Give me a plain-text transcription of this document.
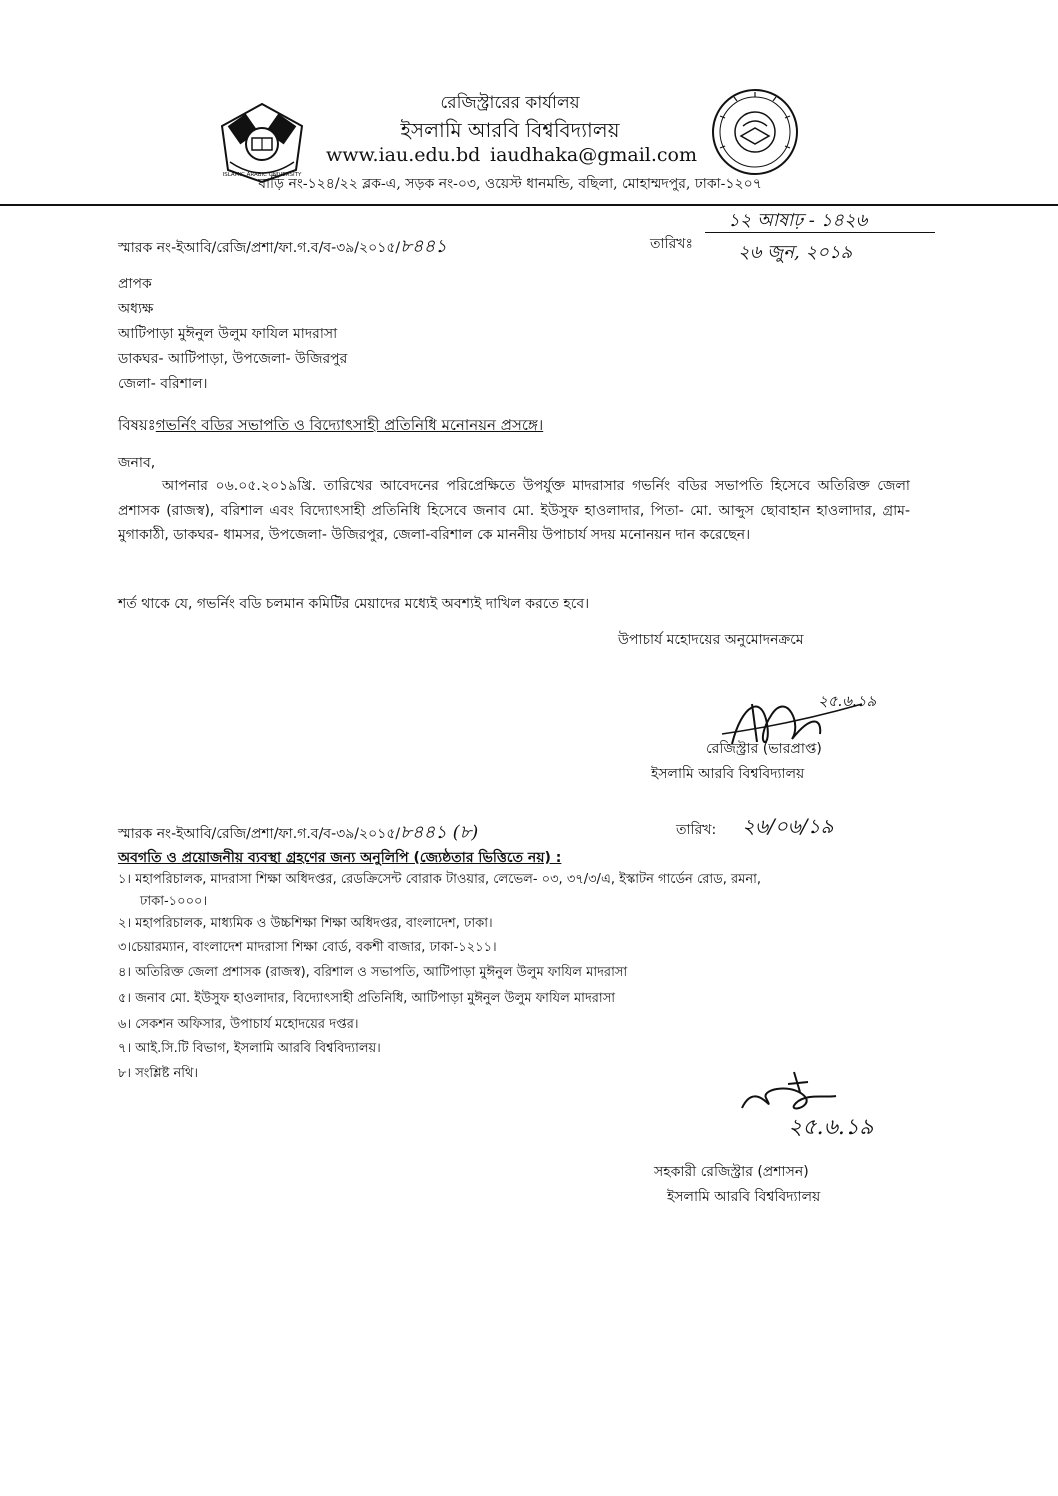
ISLAMIC ARABIC UNIVERSITY
রেজিস্ট্রারের কার্যালয়
ইসলামি আরবি বিশ্ববিদ্যালয়
www.iau.edu.bd iaudhaka@gmail.com
বাড়ি নং-১২৪/২২ ব্লক-এ, সড়ক নং-০৩, ওয়েস্ট ধানমন্ডি, বছিলা, মোহাম্মদপুর, ঢাকা-১২০৭
স্মারক নং-ইআবি/রেজি/প্রশা/ফা.গ.ব/ব-৩৯/২০১৫/৮৪৪১	তারিখঃ
১২ আষাঢ় - ১৪২৬
২৬ জুন, ২০১৯
প্রাপক
অধ্যক্ষ
আটিপাড়া মুঈনুল উলুম ফাযিল মাদরাসা
ডাকঘর- আটিপাড়া, উপজেলা- উজিরপুর
জেলা- বরিশাল।
বিষয়ঃগভর্নিং বডির সভাপতি ও বিদ্যোৎসাহী প্রতিনিধি মনোনয়ন প্রসঙ্গে।
জনাব,
আপনার ০৬.০৫.২০১৯খ্রি. তারিখের আবেদনের পরিপ্রেক্ষিতে উপর্যুক্ত মাদরাসার গভর্নিং বডির সভাপতি হিসেবে অতিরিক্ত জেলা প্রশাসক (রাজস্ব), বরিশাল এবং বিদ্যোৎসাহী প্রতিনিধি হিসেবে জনাব মো. ইউসুফ হাওলাদার, পিতা- মো. আব্দুস ছোবাহান হাওলাদার, গ্রাম- মুগাকাঠী, ডাকঘর- ধামসর, উপজেলা- উজিরপুর, জেলা-বরিশাল কে মাননীয় উপাচার্য সদয় মনোনয়ন দান করেছেন।
শর্ত থাকে যে, গভর্নিং বডি চলমান কমিটির মেয়াদের মধ্যেই অবশ্যই দাখিল করতে হবে।
উপাচার্য মহোদয়ের অনুমোদনক্রমে
২৫.৬.১৯
রেজিস্ট্রার (ভারপ্রাপ্ত)
ইসলামি আরবি বিশ্ববিদ্যালয়
স্মারক নং-ইআবি/রেজি/প্রশা/ফা.গ.ব/ব-৩৯/২০১৫/৮৪৪১ (৮)	তারিখ: ২৬/০৬/১৯
অবগতি ও প্রয়োজনীয় ব্যবস্থা গ্রহণের জন্য অনুলিপি (জ্যেষ্ঠতার ভিত্তিতে নয়) :
১। মহাপরিচালক, মাদরাসা শিক্ষা অধিদপ্তর, রেডক্রিসেন্ট বোরাক টাওয়ার, লেভেল- ০৩, ৩৭/৩/এ, ইস্কাটন গার্ডেন রোড, রমনা,
ঢাকা-১০০০।
২। মহাপরিচালক, মাধ্যমিক ও উচ্চশিক্ষা শিক্ষা অধিদপ্তর, বাংলাদেশ, ঢাকা।
৩।চেয়ারম্যান, বাংলাদেশ মাদরাসা শিক্ষা বোর্ড, বকশী বাজার, ঢাকা-১২১১।
৪। অতিরিক্ত জেলা প্রশাসক (রাজস্ব), বরিশাল ও সভাপতি, আটিপাড়া মুঈনুল উলুম ফাযিল মাদরাসা
৫। জনাব মো. ইউসুফ হাওলাদার, বিদ্যোৎসাহী প্রতিনিধি, আটিপাড়া মুঈনুল উলুম ফাযিল মাদরাসা
৬। সেকশন অফিসার, উপাচার্য মহোদয়ের দপ্তর।
৭। আই.সি.টি বিভাগ, ইসলামি আরবি বিশ্ববিদ্যালয়।
৮। সংশ্লিষ্ট নথি।
২৫.৬.১৯
সহকারী রেজিস্ট্রার (প্রশাসন)
ইসলামি আরবি বিশ্ববিদ্যালয়
